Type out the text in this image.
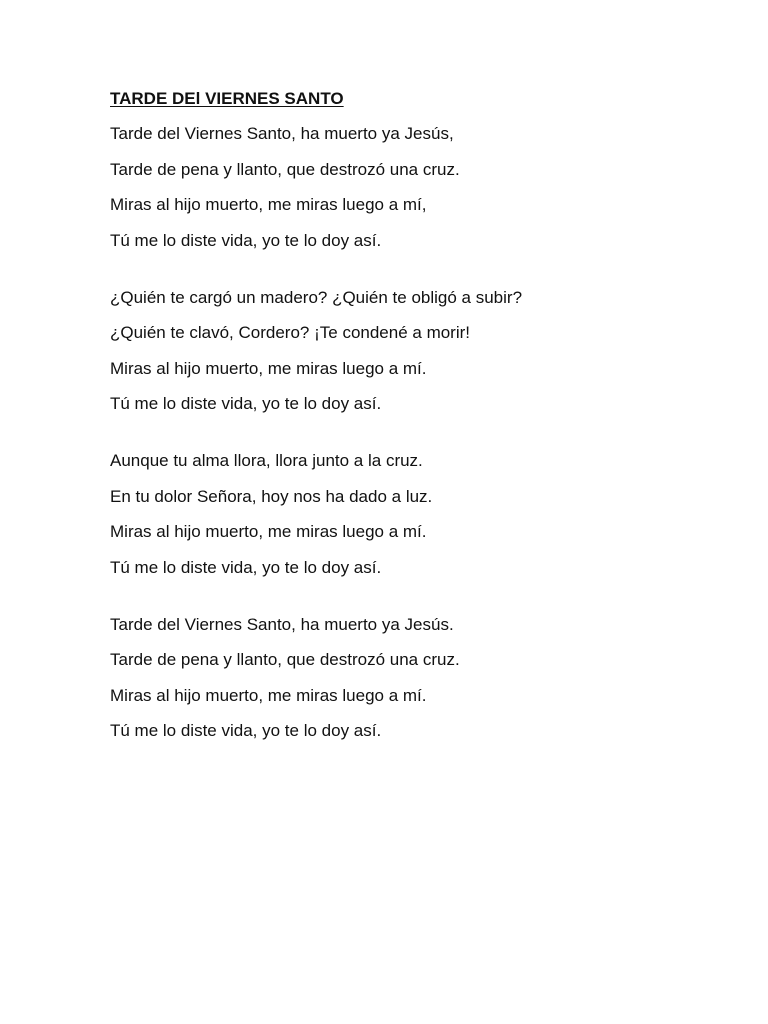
TARDE DEl VIERNES SANTO
Tarde del Viernes Santo, ha muerto ya Jesús,
Tarde de pena y llanto, que destrozó una cruz.
Miras al hijo muerto, me miras luego a mí,
Tú me lo diste vida, yo te lo doy así.
¿Quién te cargó un madero? ¿Quién te obligó a subir?
¿Quién te clavó, Cordero? ¡Te condené a morir!
Miras al hijo muerto, me miras luego a mí.
Tú me lo diste vida, yo te lo doy así.
Aunque tu alma llora, llora junto a la cruz.
En tu dolor Señora, hoy nos ha dado a luz.
Miras al hijo muerto, me miras luego a mí.
Tú me lo diste vida, yo te lo doy así.
Tarde del Viernes Santo, ha muerto ya Jesús.
Tarde de pena y llanto, que destrozó una cruz.
Miras al hijo muerto, me miras luego a mí.
Tú me lo diste vida, yo te lo doy así.
